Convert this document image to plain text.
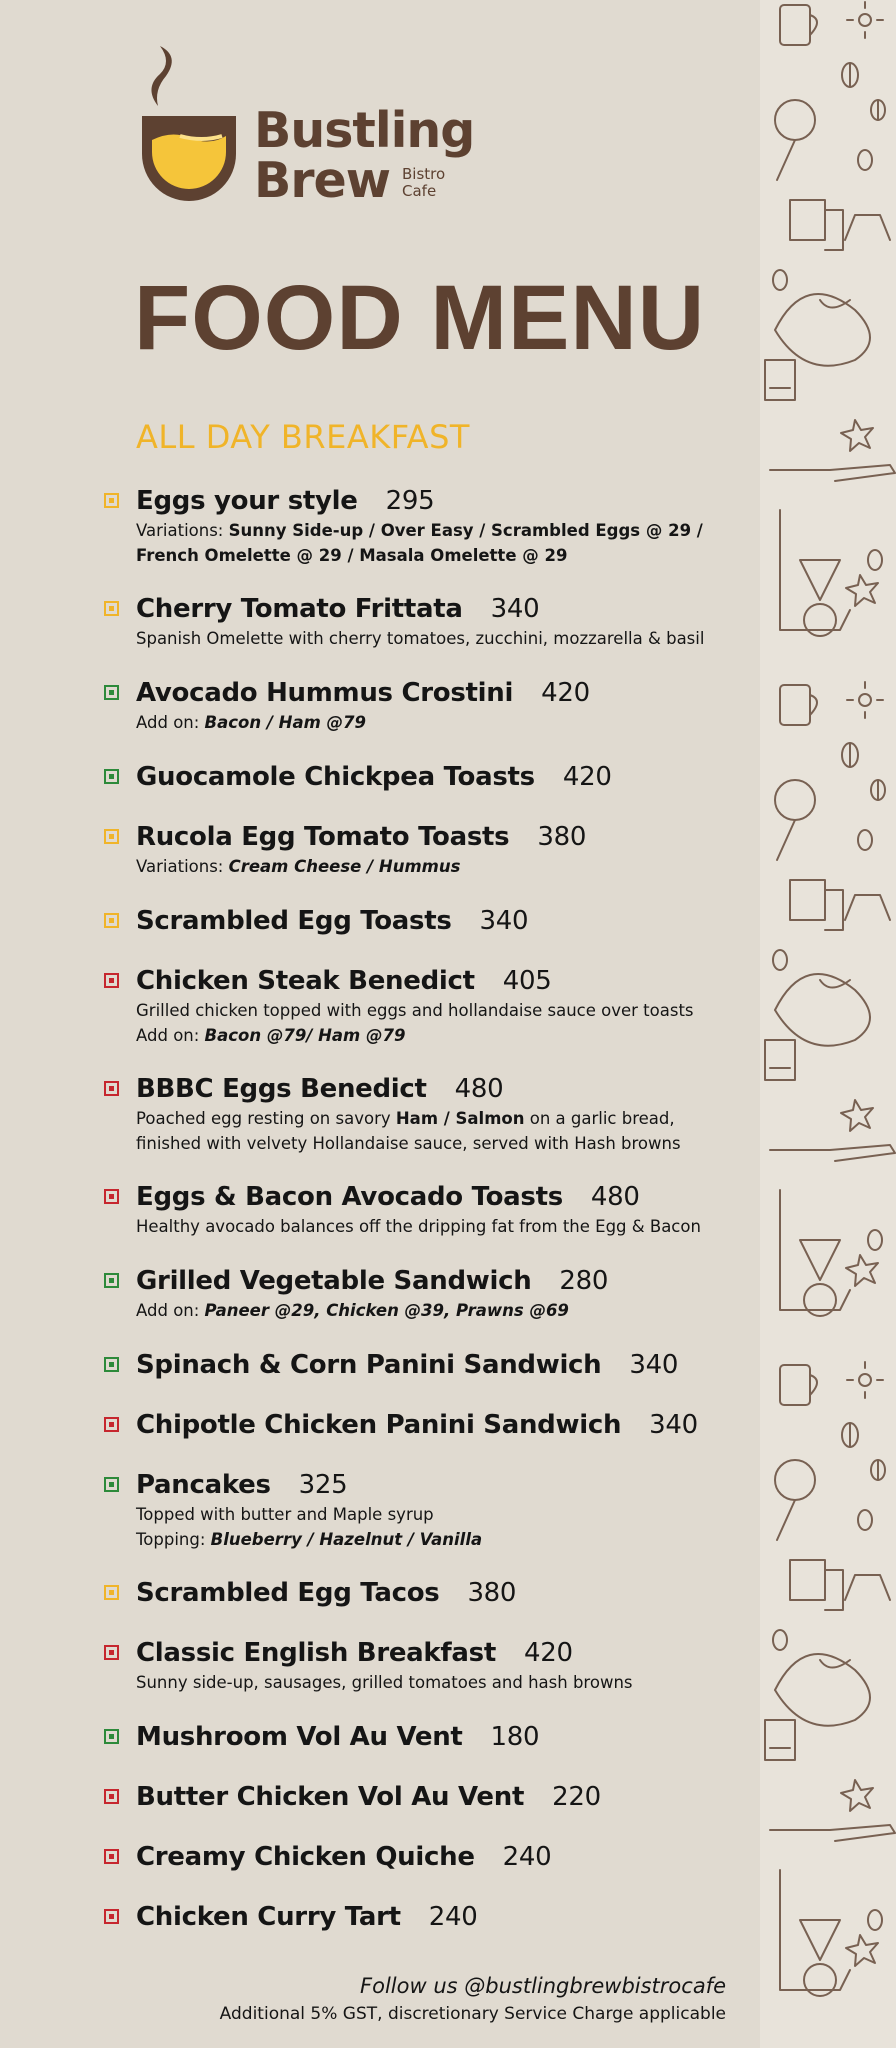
Bustling
Brew Bistro
Cafe
FOOD MENU
ALL DAY BREAKFAST
Eggs your style 295
Variations: Sunny Side-up / Over Easy / Scrambled Eggs @ 29 /
French Omelette @ 29 / Masala Omelette @ 29
Cherry Tomato Frittata 340
Spanish Omelette with cherry tomatoes, zucchini, mozzarella & basil
Avocado Hummus Crostini 420
Add on: Bacon / Ham @79
Guocamole Chickpea Toasts 420
Rucola Egg Tomato Toasts 380
Variations: Cream Cheese / Hummus
Scrambled Egg Toasts 340
Chicken Steak Benedict 405
Grilled chicken topped with eggs and hollandaise sauce over toasts
Add on: Bacon @79/ Ham @79
BBBC Eggs Benedict 480
Poached egg resting on savory Ham / Salmon on a garlic bread,
finished with velvety Hollandaise sauce, served with Hash browns
Eggs & Bacon Avocado Toasts 480
Healthy avocado balances off the dripping fat from the Egg & Bacon
Grilled Vegetable Sandwich 280
Add on: Paneer @29, Chicken @39, Prawns @69
Spinach & Corn Panini Sandwich 340
Chipotle Chicken Panini Sandwich 340
Pancakes 325
Topped with butter and Maple syrup
Topping: Blueberry / Hazelnut / Vanilla
Scrambled Egg Tacos 380
Classic English Breakfast 420
Sunny side-up, sausages, grilled tomatoes and hash browns
Mushroom Vol Au Vent 180
Butter Chicken Vol Au Vent 220
Creamy Chicken Quiche 240
Chicken Curry Tart 240
Follow us @bustlingbrewbistrocafe
Additional 5% GST, discretionary Service Charge applicable
